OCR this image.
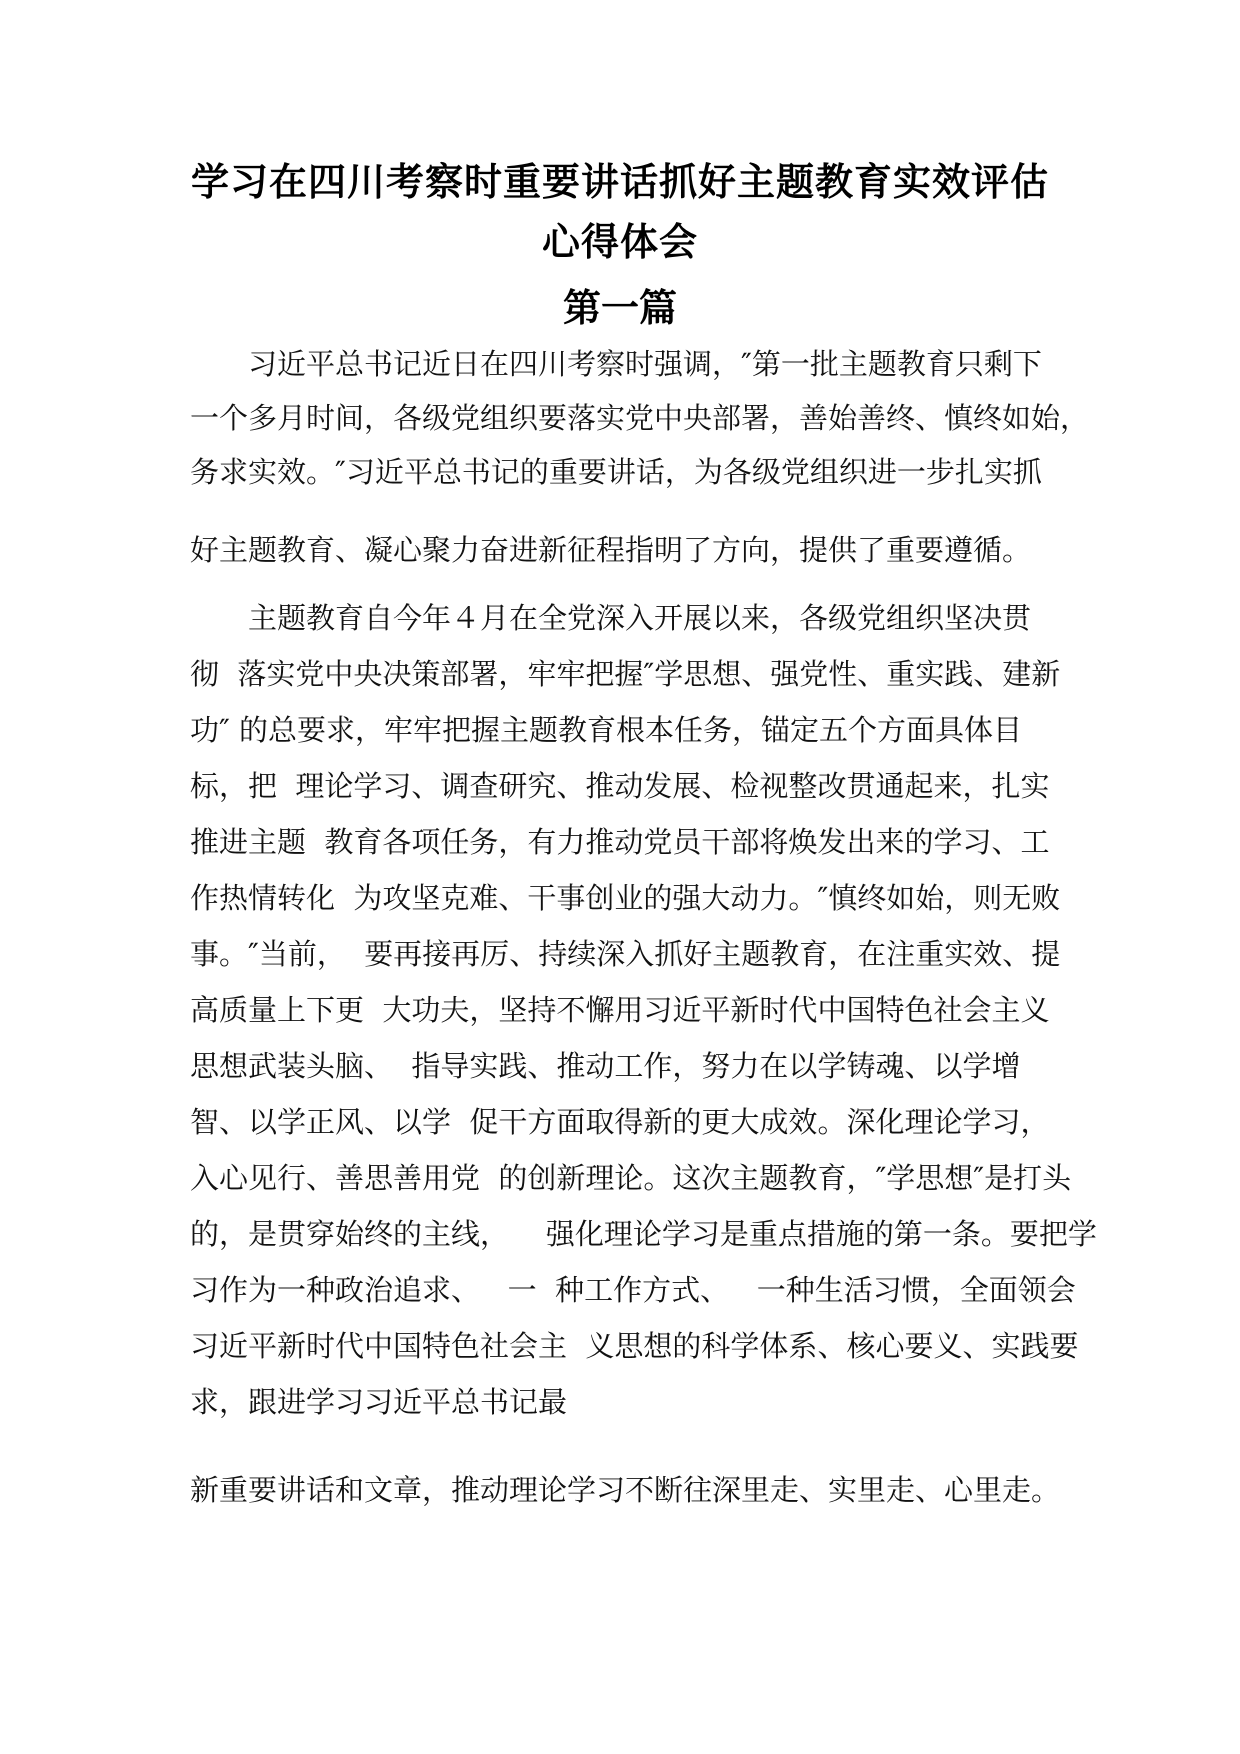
学习在四川考察时重要讲话抓好主题教育实效评估
心得体会
第一篇
　　习近平总书记近日在四川考察时强调，″第一批主题教育只剩下
一个多月时间，各级党组织要落实党中央部署，善始善终、慎终如始，
务求实效。″习近平总书记的重要讲话，为各级党组织进一步扎实抓
好主题教育、凝心聚力奋进新征程指明了方向，提供了重要遵循。
　　主题教育自今年４月在全党深入开展以来，各级党组织坚决贯
彻  落实党中央决策部署，牢牢把握″学思想、强党性、重实践、建新
功″ 的总要求，牢牢把握主题教育根本任务，锚定五个方面具体目
标，把  理论学习、调查研究、推动发展、检视整改贯通起来，扎实
推进主题  教育各项任务，有力推动党员干部将焕发出来的学习、工
作热情转化  为攻坚克难、干事创业的强大动力。″慎终如始，则无败
事。″当前，  要再接再厉、持续深入抓好主题教育，在注重实效、提
高质量上下更  大功夫，坚持不懈用习近平新时代中国特色社会主义
思想武装头脑、  指导实践、推动工作，努力在以学铸魂、以学增
智、以学正风、以学  促干方面取得新的更大成效。深化理论学习，
入心见行、善思善用党  的创新理论。这次主题教育，″学思想″是打头
的，是贯穿始终的主线，    强化理论学习是重点措施的第一条。要把学
习作为一种政治追求、   一  种工作方式、   一种生活习惯，全面领会
习近平新时代中国特色社会主  义思想的科学体系、核心要义、实践要
求，跟进学习习近平总书记最
新重要讲话和文章，推动理论学习不断往深里走、实里走、心里走。
